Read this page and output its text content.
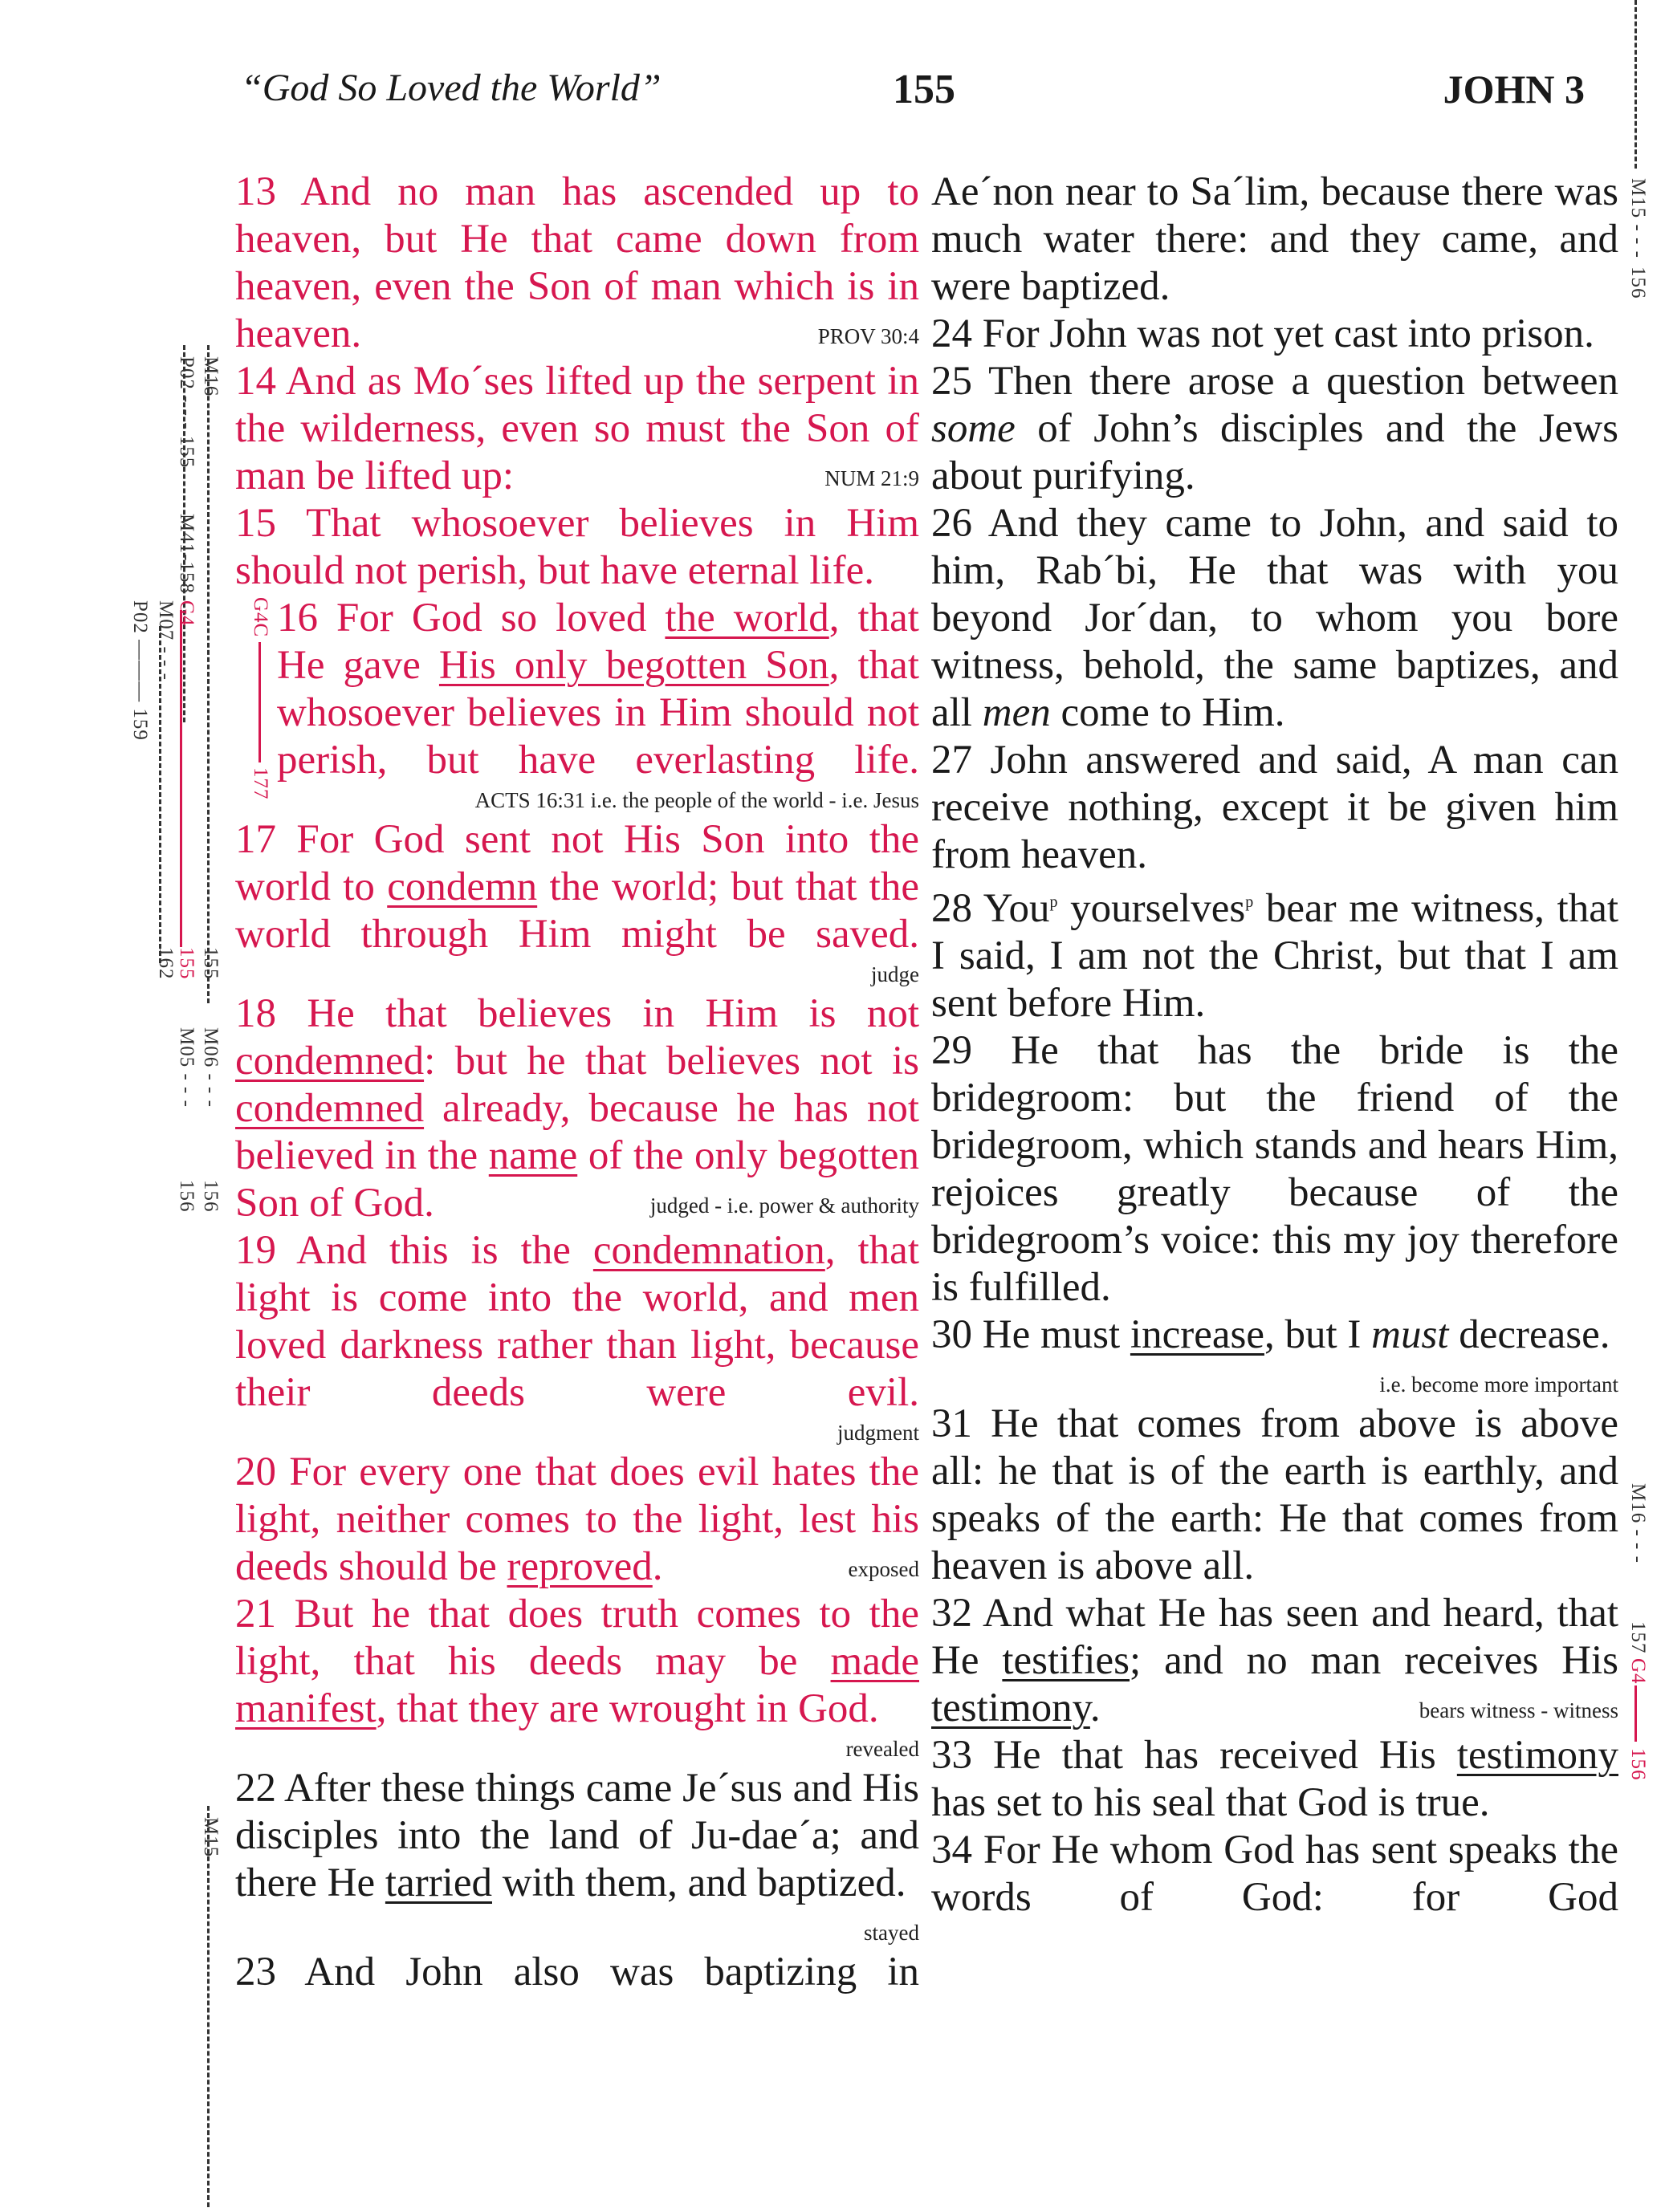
“God So Loved the World”	155	JOHN 3
M16
P02 - - - 155
M41-158
G4
M07 - - -
P02 ——— 159
155
155
162
M06 - - -
156
M05 - - -
156
M15
G4C
177
M15 - - -
156
M16 - - -
157
G4
156
13 And no man has ascended up to heaven, but He that came down from heaven, even the Son of man which is in heaven.	PROV 30:4
14 And as Mo´ses lifted up the serpent in the wilderness, even so must the Son of man be lifted up:	NUM 21:9
15 That whosoever believes in Him should not perish, but have eternal life.
16 For God so loved the world, that He gave His only begotten Son, that whosoever believes in Him should not perish, but have everlasting life.
ACTS 16:31 i.e. the people of the world - i.e. Jesus
17 For God sent not His Son into the world to condemn the world; but that the world through Him might be saved.
judge
18 He that believes in Him is not condemned: but he that believes not is condemned already, because he has not believed in the name of the only begotten Son of God.	judged - i.e. power & authority
19 And this is the condemnation, that light is come into the world, and men loved darkness rather than light, because their deeds were evil.
judgment
20 For every one that does evil hates the light, neither comes to the light, lest his deeds should be reproved.	exposed
21 But he that does truth comes to the light, that his deeds may be made manifest, that they are wrought in God.
revealed
22 After these things came Je´sus and His disciples into the land of Ju-dae´a; and there He tarried with them, and baptized.
stayed
23 And John also was baptizing in
Ae´non near to Sa´lim, because there was much water there: and they came, and were baptized.
24 For John was not yet cast into prison.
25 Then there arose a question between some of John’s disciples and the Jews about purifying.
26 And they came to John, and said to him, Rab´bi, He that was with you beyond Jor´dan, to whom you bore witness, behold, the same baptizes, and all men come to Him.
27 John answered and said, A man can receive nothing, except it be given him from heaven.
28 You$^p$ yourselves$^p$ bear me witness, that I said, I am not the Christ, but that I am sent before Him.
29 He that has the bride is the bridegroom: but the friend of the bridegroom, which stands and hears Him, rejoices greatly because of the bridegroom’s voice: this my joy therefore is fulfilled.
30 He must increase, but I must decrease.
i.e. become more important
31 He that comes from above is above all: he that is of the earth is earthly, and speaks of the earth: He that comes from heaven is above all.
32 And what He has seen and heard, that He testifies; and no man receives His testimony.	bears witness - witness
33 He that has received His testimony has set to his seal that God is true.
34 For He whom God has sent speaks the words of God: for God
